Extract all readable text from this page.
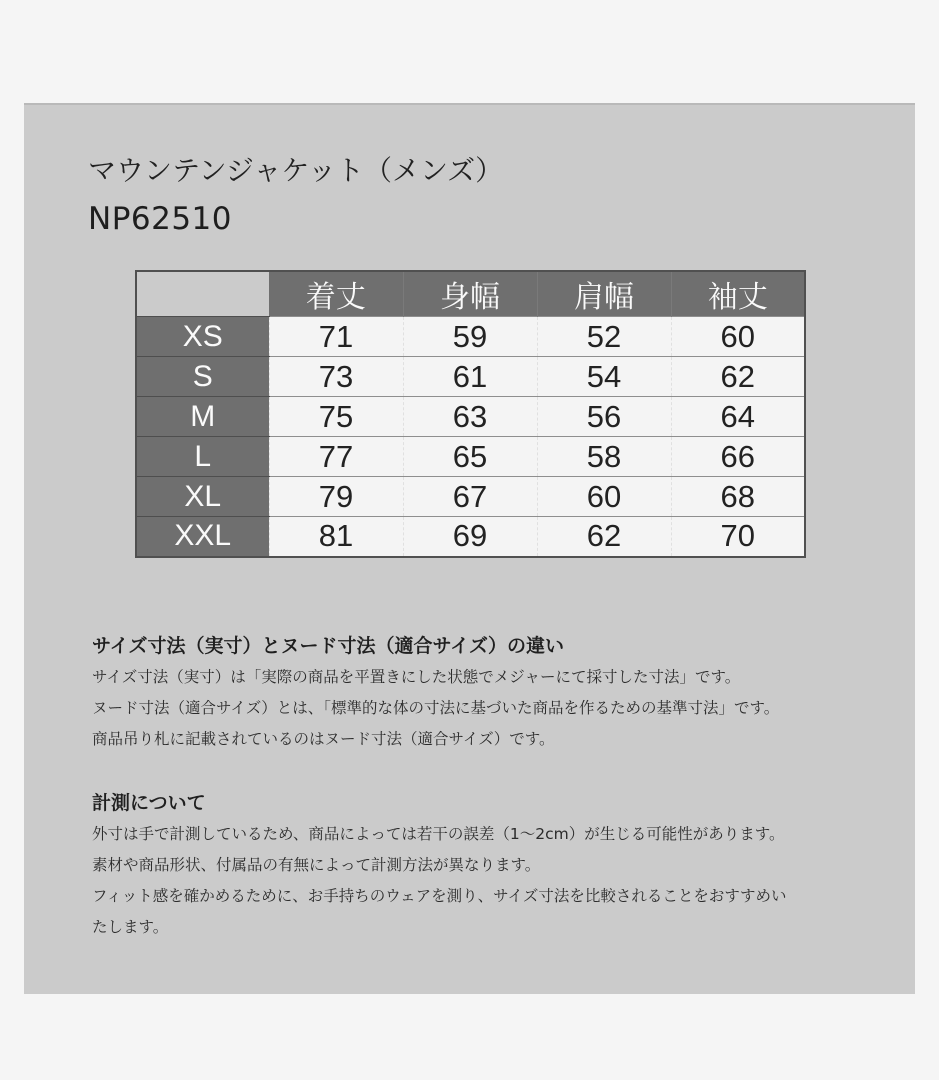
マウンテンジャケット（メンズ）
NP62510
	着丈	身幅	肩幅	袖丈
XS	71	59	52	60
S	73	61	54	62
M	75	63	56	64
L	77	65	58	66
XL	79	67	60	68
XXL	81	69	62	70
サイズ寸法（実寸）とヌード寸法（適合サイズ）の違い

サイズ寸法（実寸）は「実際の商品を平置きにした状態でメジャーにて採寸した寸法」です。

ヌード寸法（適合サイズ）とは、「標準的な体の寸法に基づいた商品を作るための基準寸法」です。

商品吊り札に記載されているのはヌード寸法（適合サイズ）です。

計測について

外寸は手で計測しているため、商品によっては若干の誤差（1～2cm）が生じる可能性があります。

素材や商品形状、付属品の有無によって計測方法が異なります。

フィット感を確かめるために、お手持ちのウェアを測り、サイズ寸法を比較されることをおすすめい

たします。
